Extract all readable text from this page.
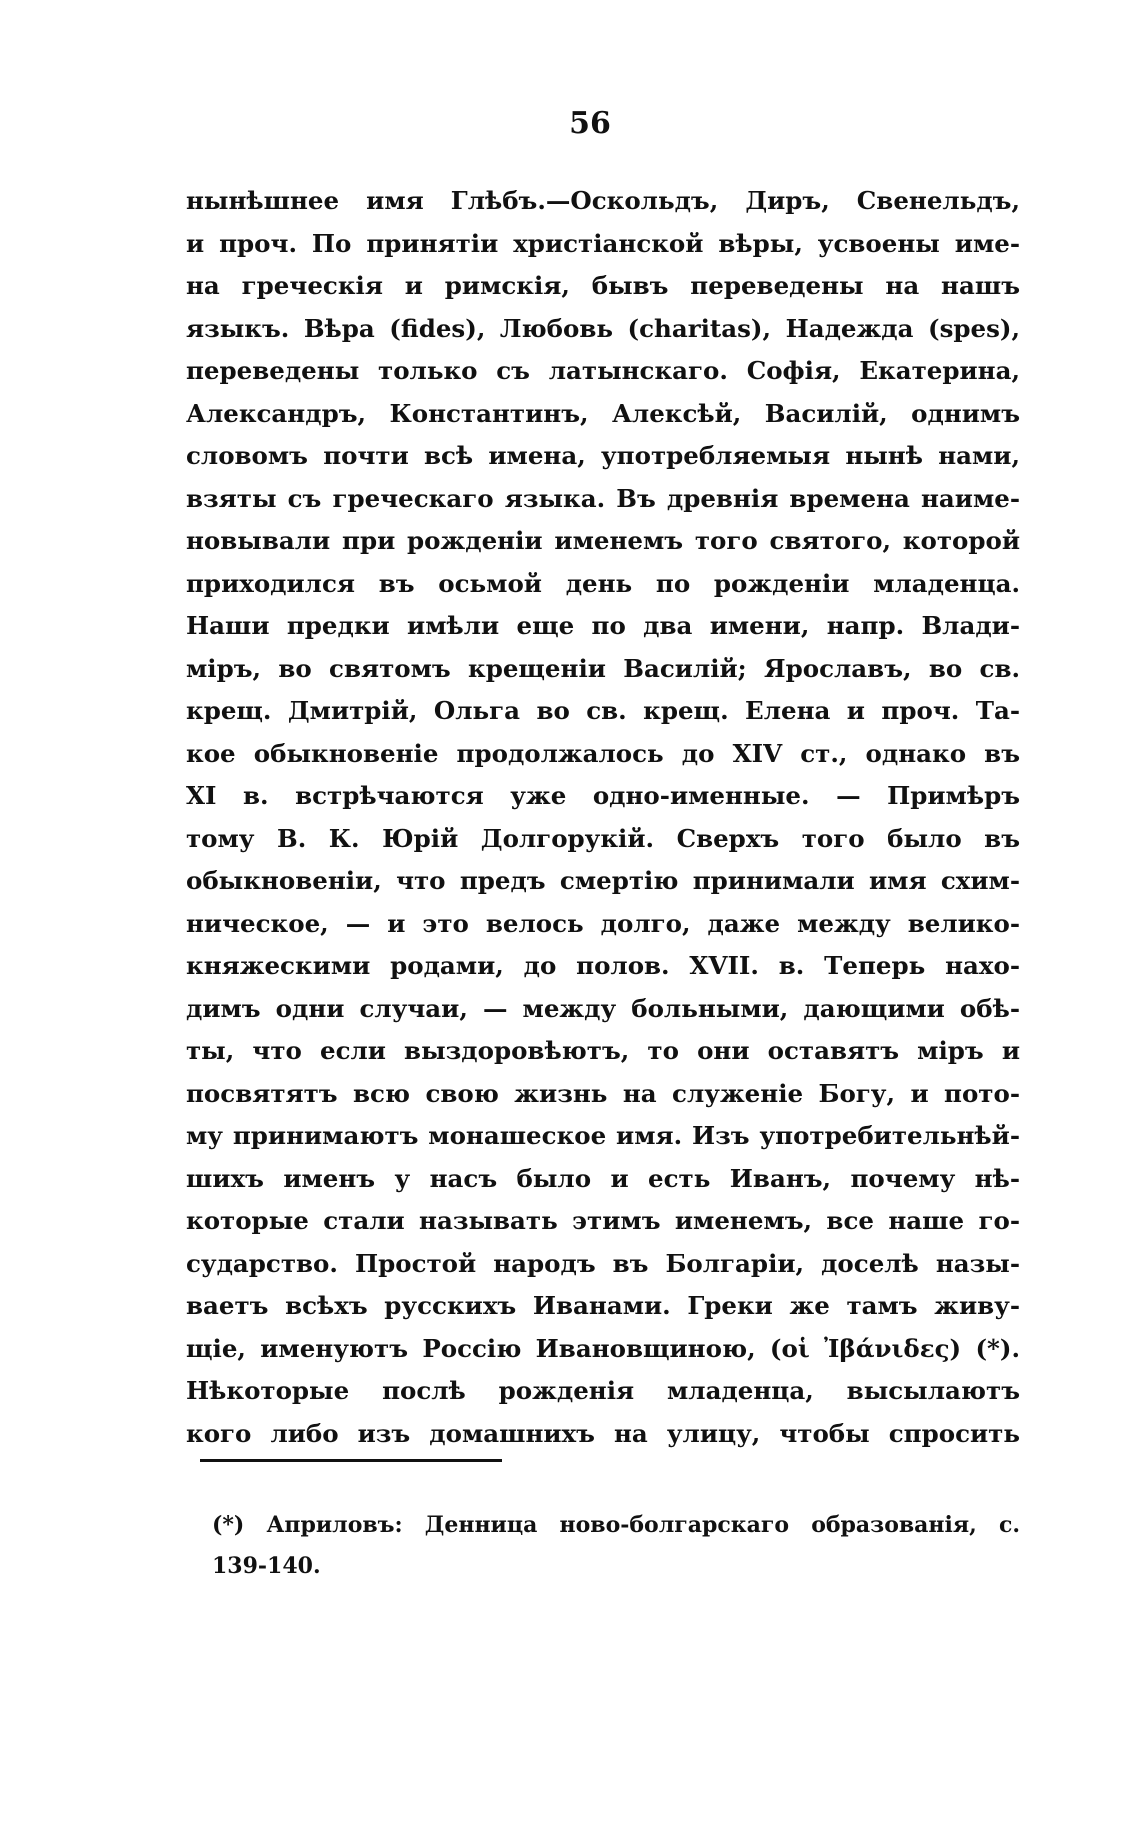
56
нынѣшнее имя Глѣбъ.—Оскольдъ, Диръ, Свенельдъ,
и проч. По принятіи христіанской вѣры, усвоены име-
на греческія и римскія, бывъ переведены на нашъ
языкъ. Вѣра (fides), Любовь (charitas), Надежда (spes),
переведены только съ латынскаго. Софія, Екатерина,
Александръ, Константинъ, Алексѣй, Василій, однимъ
словомъ почти всѣ имена, употребляемыя нынѣ нами,
взяты съ греческаго языка. Въ древнія времена наиме-
новывали при рожденіи именемъ того святого, которой
приходился въ осьмой день по рожденіи младенца.
Наши предки имѣли еще по два имени, напр. Влади-
міръ, во святомъ крещеніи Василій; Ярославъ, во св.
крещ. Дмитрій, Ольга во св. крещ. Елена и проч. Та-
кое обыкновеніе продолжалось до XIV ст., однако въ
XI в. встрѣчаются уже одно-именные. — Примѣръ
тому В. К. Юрій Долгорукій. Сверхъ того было въ
обыкновеніи, что предъ смертію принимали имя схим-
ническое, — и это велось долго, даже между велико-
княжескими родами, до полов. XVII. в. Теперь нахо-
димъ одни случаи, — между больными, дающими обѣ-
ты, что если выздоровѣютъ, то они оставятъ міръ и
посвятятъ всю свою жизнь на служеніе Богу, и пото-
му принимаютъ монашеское имя. Изъ употребительнѣй-
шихъ именъ у насъ было и есть Иванъ, почему нѣ-
которые стали называть этимъ именемъ, все наше го-
сударство. Простой народъ въ Болгаріи, доселѣ назы-
ваетъ всѣхъ русскихъ Иванами. Греки же тамъ живу-
щіе, именуютъ Россію Ивановщиною, (οἱ Ἰβάνιδες) (*).
Нѣкоторые послѣ рожденія младенца, высылаютъ
кого либо изъ домашнихъ на улицу, чтобы спросить
(*) Априловъ: Денница ново-болгарскаго образованія, с.
139-140.
